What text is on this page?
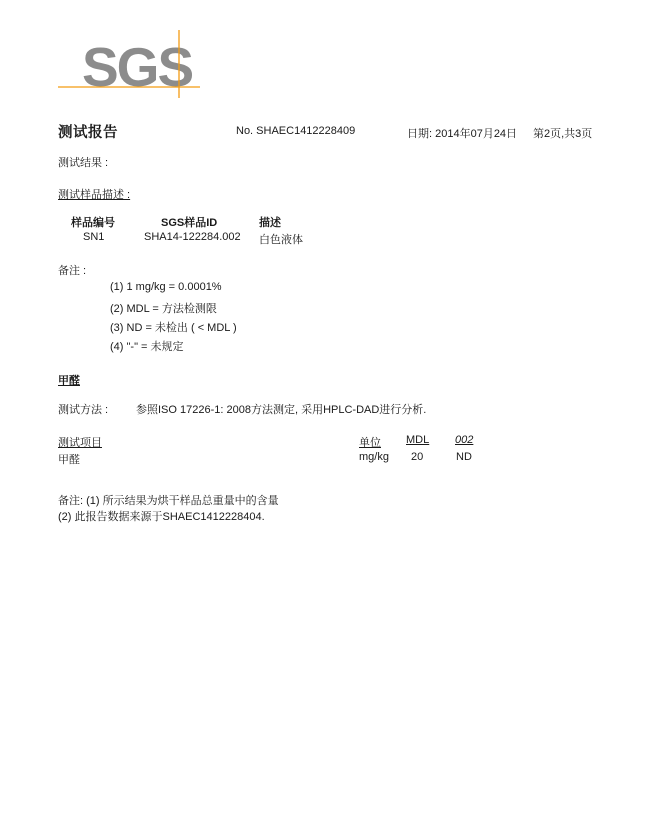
SGS
测试报告	No. SHAEC1412228409	日期: 2014年07月24日 第2页,共3页
测试结果 :
测试样品描述 :
样品编号	SGS样品ID	描述
SN1	SHA14-122284.002 白色液体
备注 :
(1) 1 mg/kg = 0.0001%
(2) MDL = 方法检测限
(3) ND = 未检出 ( < MDL )
(4) "-" = 未规定
甲醛
测试方法 :	参照ISO 17226-1: 2008方法测定, 采用HPLC-DAD进行分析.
测试项目	单位 MDL 002
甲醛	mg/kg 20	ND
备注: (1) 所示结果为烘干样品总重量中的含量
(2) 此报告数据来源于SHAEC1412228404.
